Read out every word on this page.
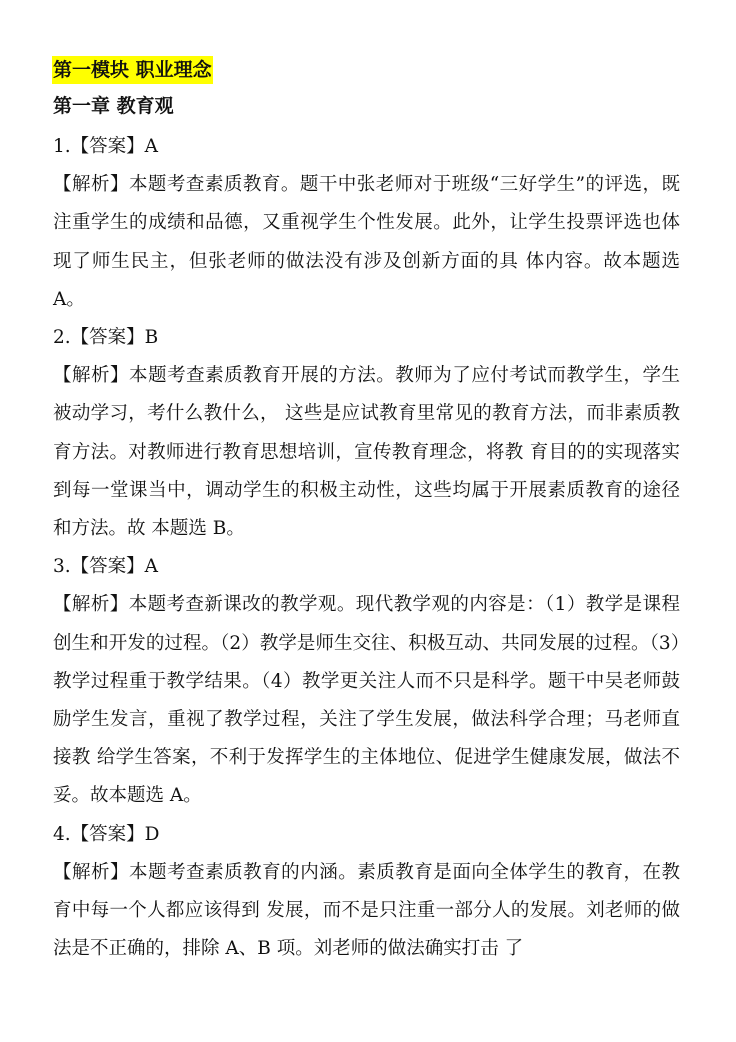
第一模块 职业理念
第一章 教育观

1.【答案】A

【解析】本题考查素质教育。题干中张老师对于班级“三好学生”的评选，既注重学生的成绩和品德，又重视学生个性发展。此外，让学生投票评选也体现了师生民主，但张老师的做法没有涉及创新方面的具 体内容。故本题选 A。

2.【答案】B

【解析】本题考查素质教育开展的方法。教师为了应付考试而教学生，学生被动学习，考什么教什么， 这些是应试教育里常见的教育方法，而非素质教育方法。对教师进行教育思想培训，宣传教育理念，将教 育目的的实现落实到每一堂课当中，调动学生的积极主动性，这些均属于开展素质教育的途径和方法。故 本题选 B。

3.【答案】A

【解析】本题考查新课改的教学观。现代教学观的内容是：（1）教学是课程创生和开发的过程。（2）教学是师生交往、积极互动、共同发展的过程。（3）教学过程重于教学结果。（4）教学更关注人而不只是科学。题干中吴老师鼓励学生发言，重视了教学过程，关注了学生发展，做法科学合理；马老师直接教 给学生答案，不利于发挥学生的主体地位、促进学生健康发展，做法不妥。故本题选 A。

4.【答案】D

【解析】本题考查素质教育的内涵。素质教育是面向全体学生的教育，在教育中每一个人都应该得到 发展，而不是只注重一部分人的发展。刘老师的做法是不正确的，排除 A、B 项。刘老师的做法确实打击 了
